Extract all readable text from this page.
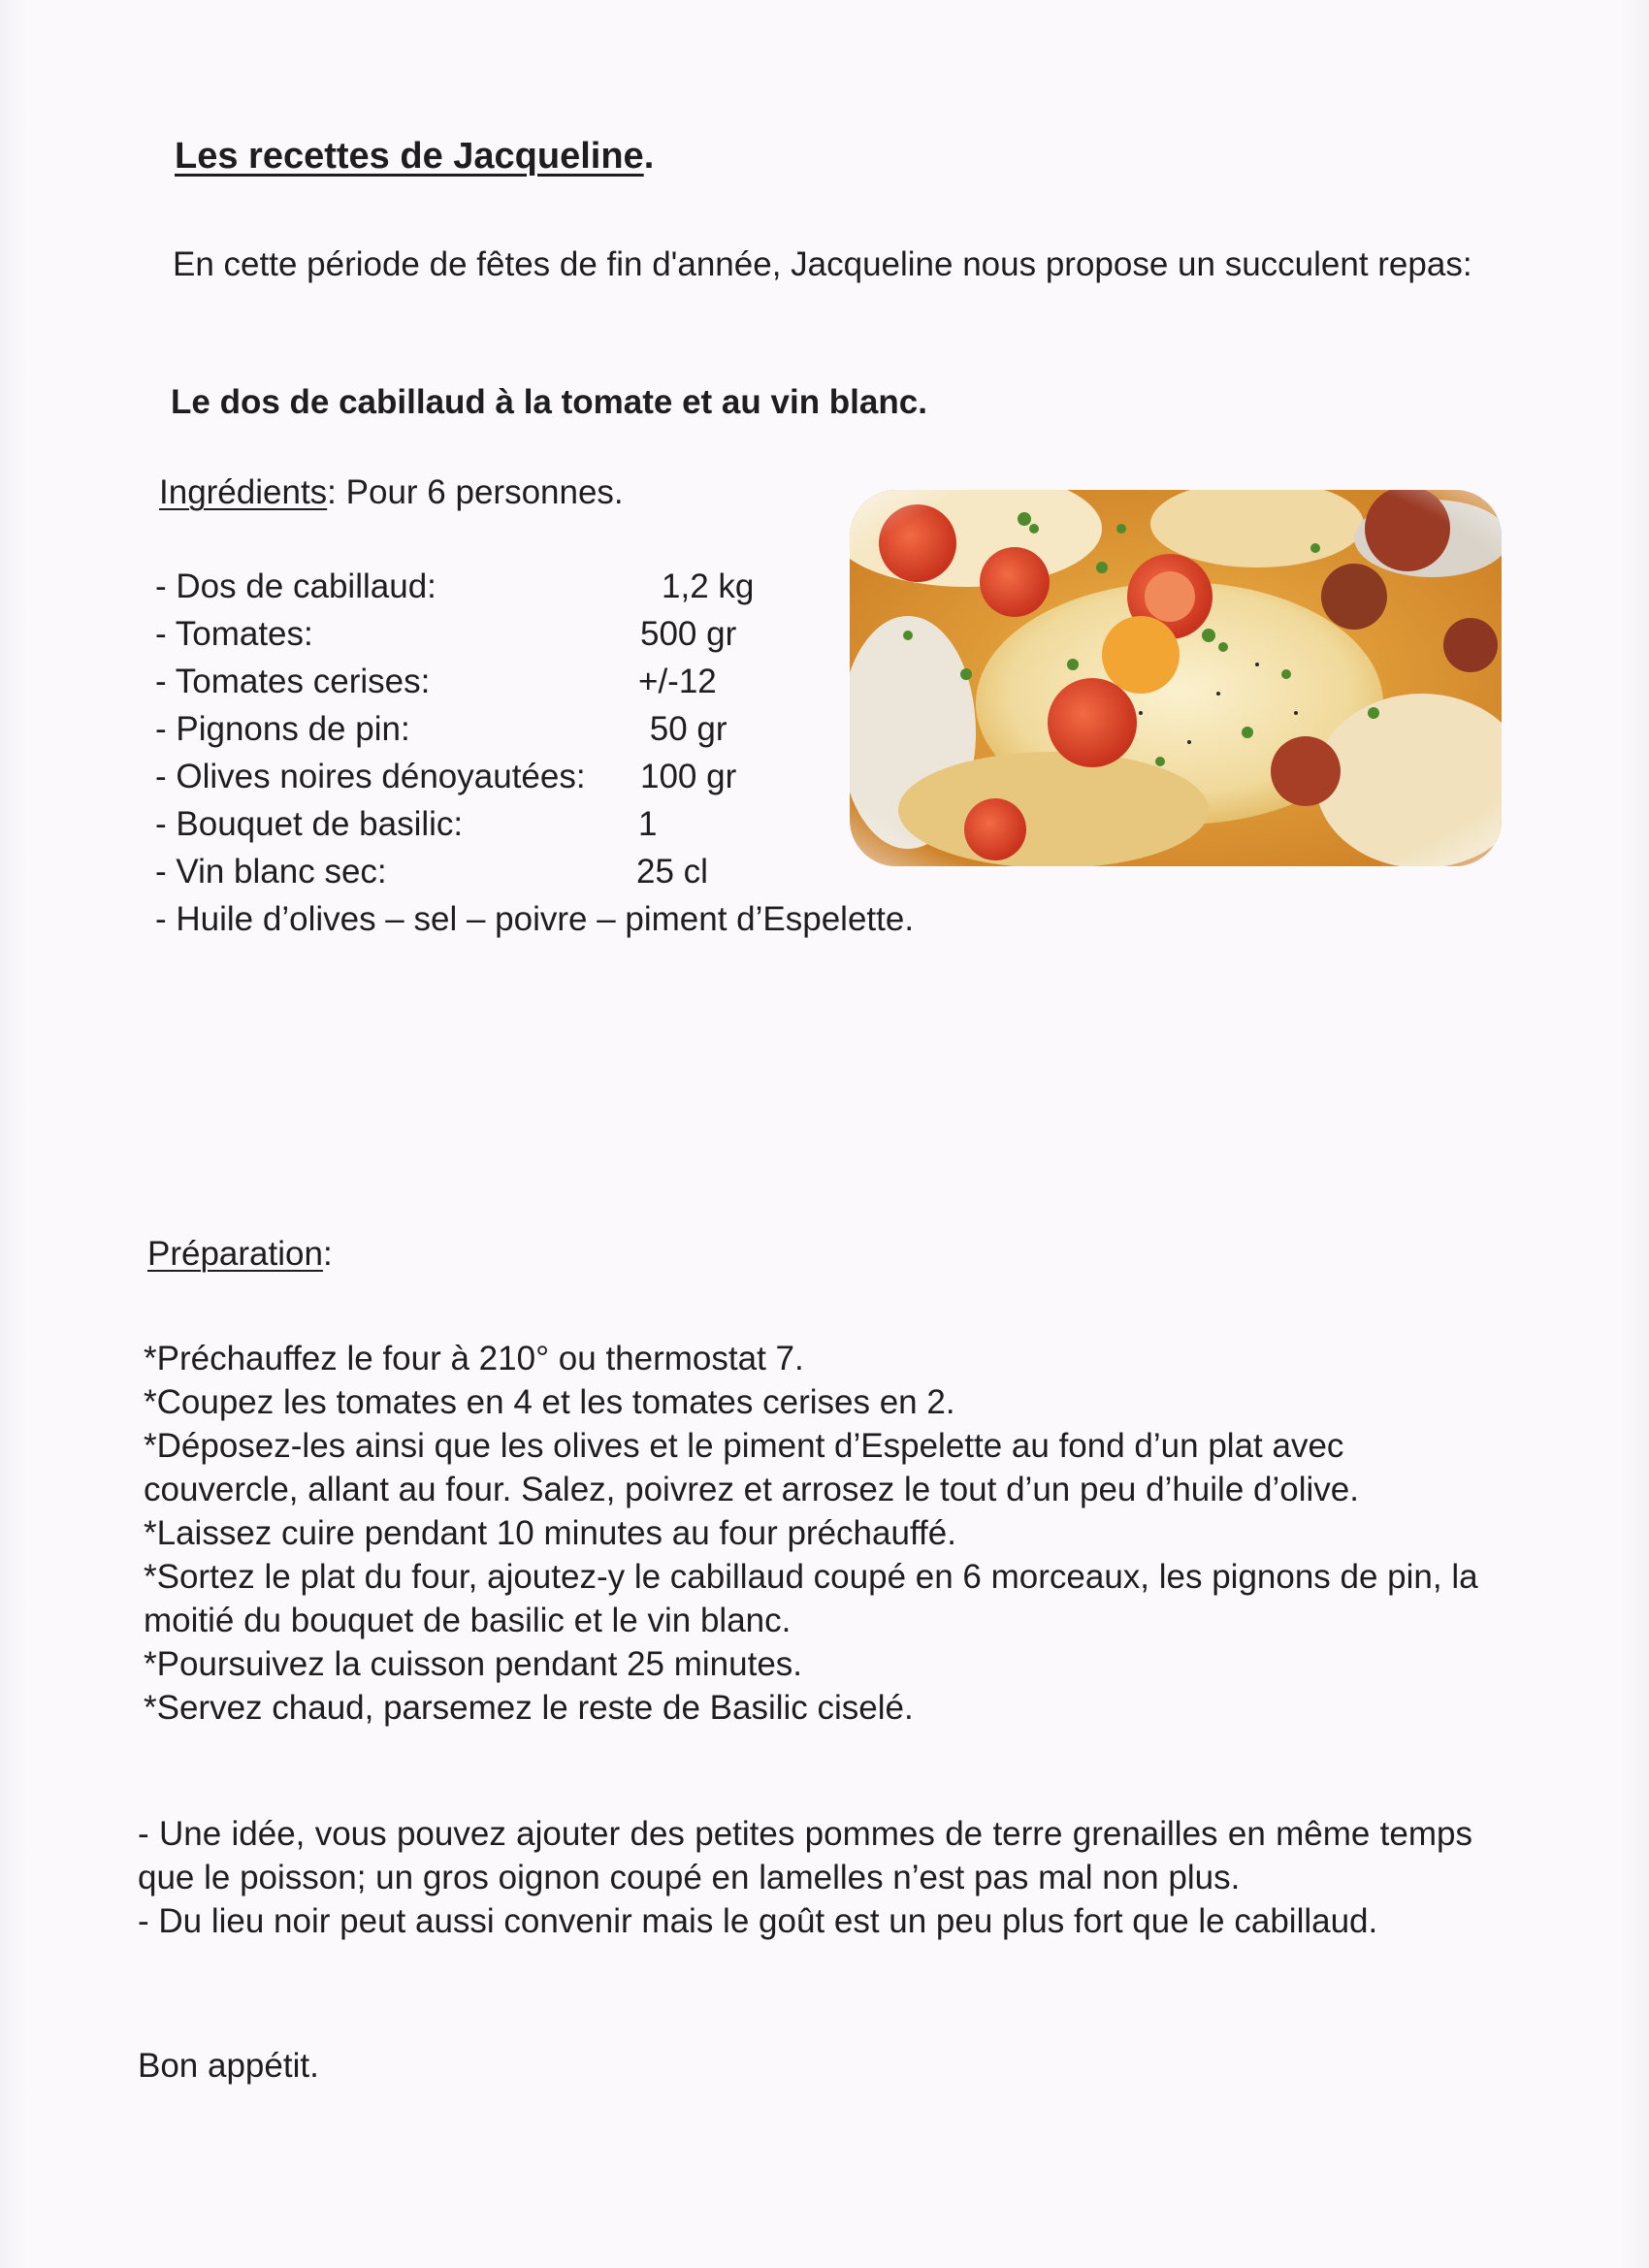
Les recettes de Jacqueline.
En cette période de fêtes de fin d'année, Jacqueline nous propose un succulent repas:
Le dos de cabillaud à la tomate et au vin blanc.
Ingrédients: Pour 6 personnes.
- Dos de cabillaud:	1,2 kg
- Tomates:	500 gr
- Tomates cerises:	+/-12
- Pignons de pin:	50 gr
- Olives noires dénoyautées: 100 gr
- Bouquet de basilic:	1
- Vin blanc sec:	25 cl
- Huile d’olives – sel – poivre – piment d’Espelette.
Préparation:

*Préchauffez le four à 210° ou thermostat 7.

*Coupez les tomates en 4 et les tomates cerises en 2.

*Déposez-les ainsi que les olives et le piment d’Espelette au fond d’un plat avec couvercle, allant au four. Salez, poivrez et arrosez le tout d’un peu d’huile d’olive.

*Laissez cuire pendant 10 minutes au four préchauffé.

*Sortez le plat du four, ajoutez-y le cabillaud coupé en 6 morceaux, les pignons de pin, la moitié du bouquet de basilic et le vin blanc.

*Poursuivez la cuisson pendant 25 minutes.

*Servez chaud, parsemez le reste de Basilic ciselé.

- Une idée, vous pouvez ajouter des petites pommes de terre grenailles en même temps que le poisson; un gros oignon coupé en lamelles n’est pas mal non plus.

- Du lieu noir peut aussi convenir mais le goût est un peu plus fort que le cabillaud.

Bon appétit.
